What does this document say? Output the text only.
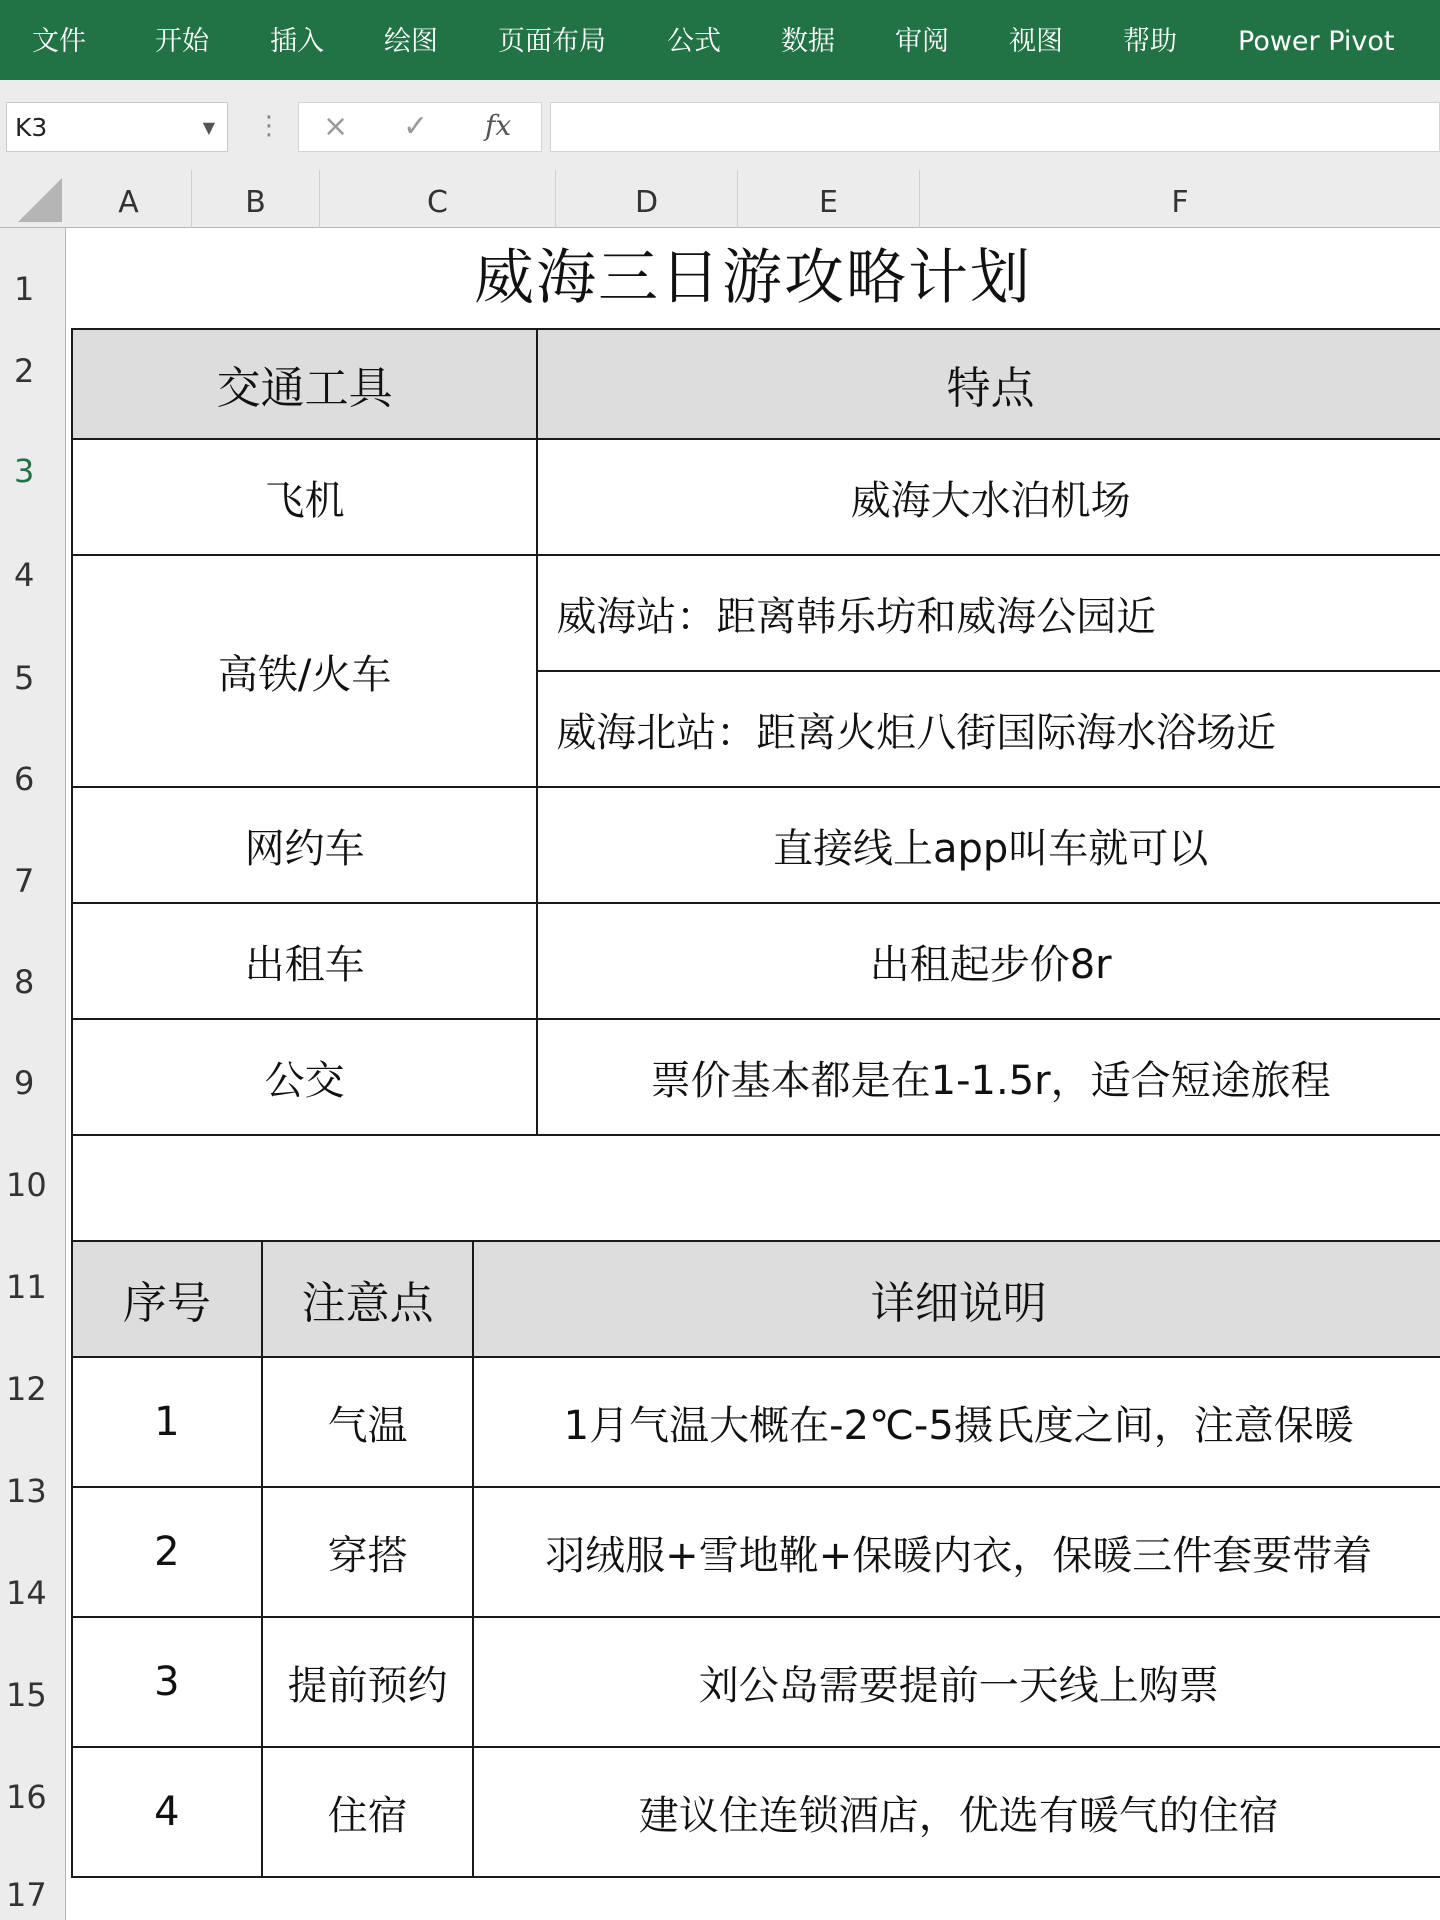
文件	开始 插入 绘图 页面布局 公式 数据 审阅 视图 帮助 Power Pivot
K3	▼ ⋮ × ✓ fx
A	B	C	D	E	F
1
2
3
4
5
6
7
8
9
10
11
12
13
14
15
16
17
威海三日游攻略计划
交通工具	特点
飞机	威海大水泊机场
高铁/火车	威海站：距离韩乐坊和威海公园近
	威海北站：距离火炬八街国际海水浴场近
网约车	直接线上app叫车就可以
出租车	出租起步价8r
公交	票价基本都是在1-1.5r，适合短途旅程
序号	注意点	详细说明
1	气温	1月气温大概在-2℃-5摄氏度之间，注意保暖
2	穿搭	羽绒服+雪地靴+保暖内衣，保暖三件套要带着
3	提前预约	刘公岛需要提前一天线上购票
4	住宿	建议住连锁酒店，优选有暖气的住宿
